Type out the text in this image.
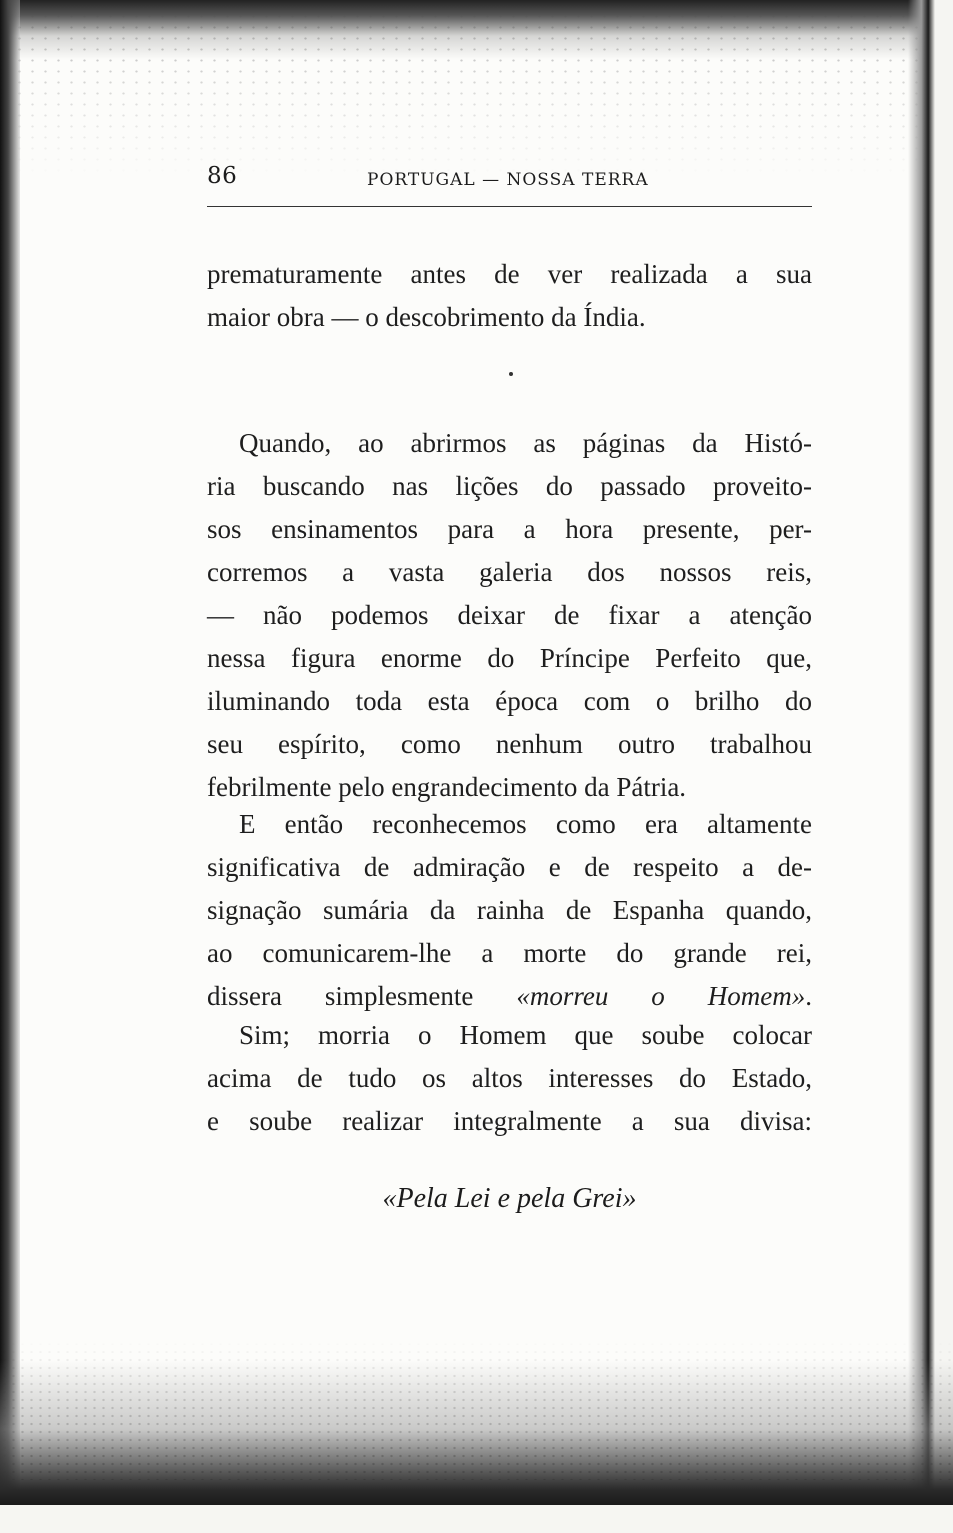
86	PORTUGAL — NOSSA TERRA
prematuramente antes de ver realizada a sua
maior obra — o descobrimento da Índia.
Quando, ao abrirmos as páginas da Histó-
ria buscando nas lições do passado proveito-
sos ensinamentos para a hora presente, per-
corremos a vasta galeria dos nossos reis,
— não podemos deixar de fixar a atenção
nessa figura enorme do Príncipe Perfeito que,
iluminando toda esta época com o brilho do
seu espírito, como nenhum outro trabalhou
febrilmente pelo engrandecimento da Pátria.
E então reconhecemos como era altamente
significativa de admiração e de respeito a de-
signação sumária da rainha de Espanha quando,
ao comunicarem-lhe a morte do grande rei,
dissera simplesmente «morreu o Homem».
Sim; morria o Homem que soube colocar
acima de tudo os altos interesses do Estado,
e soube realizar integralmente a sua divisa:
«Pela Lei e pela Grei»
